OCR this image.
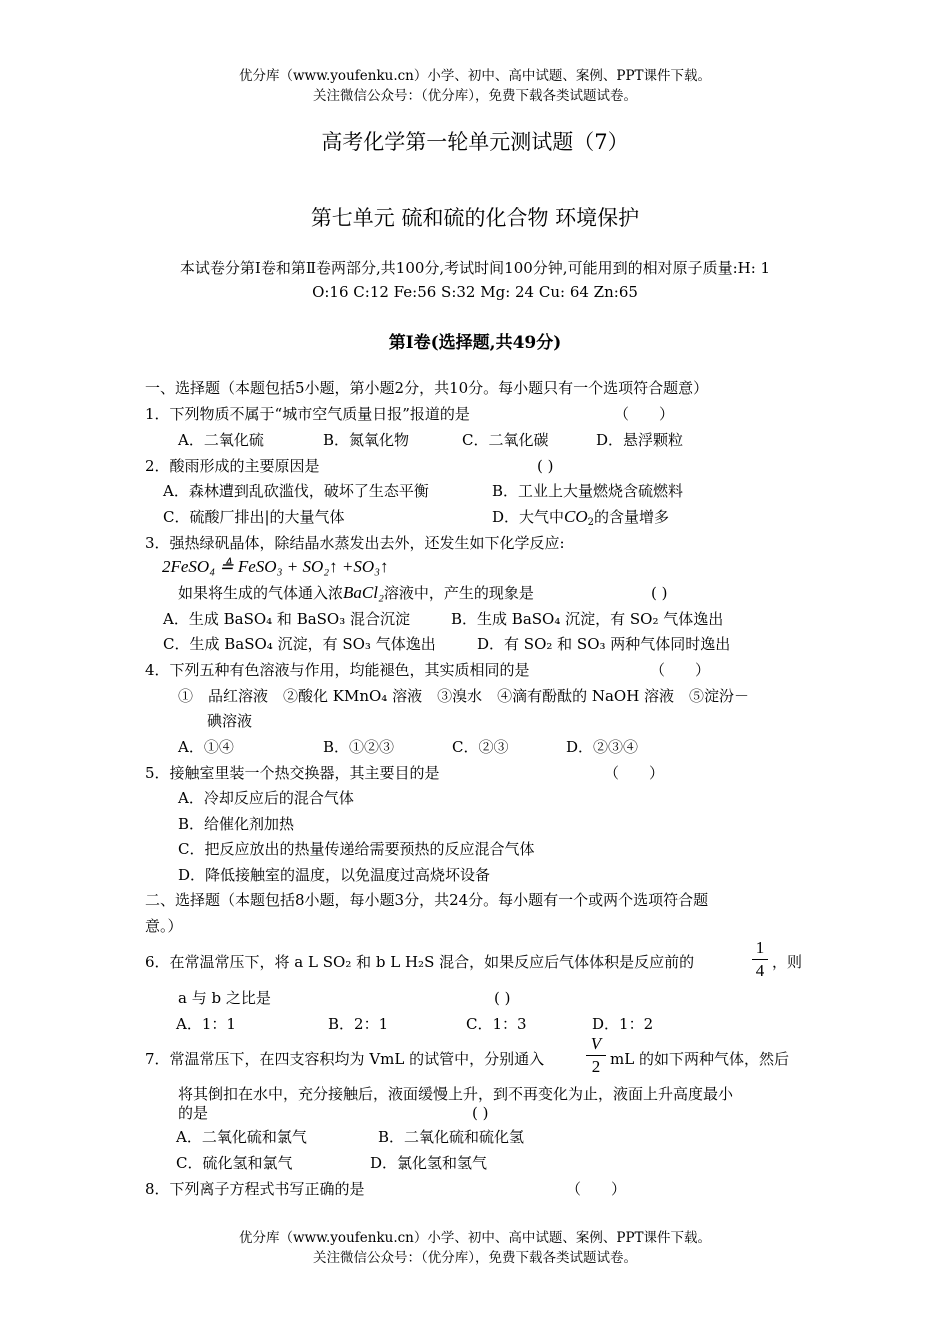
优分库（www.youfenku.cn）小学、初中、高中试题、案例、PPT课件下载。
关注微信公众号：（优分库），免费下载各类试题试卷。
高考化学第一轮单元测试题（7）
第七单元 硫和硫的化合物 环境保护
本试卷分第Ⅰ卷和第Ⅱ卷两部分,共100分,考试时间100分钟,可能用到的相对原子质量:H: 1
O:16 C:12 Fe:56 S:32 Mg: 24 Cu: 64 Zn:65
第Ⅰ卷(选择题,共49分)
一、选择题（本题包括5小题，第小题2分，共10分。每小题只有一个选项符合题意）
1．下列物质不属于“城市空气质量日报”报道的是	（　　）
A．二氧化硫	B．氮氧化物	C．二氧化碳	D．悬浮颗粒
2．酸雨形成的主要原因是	( )
A．森林遭到乱砍滥伐，破坏了生态平衡	B．工业上大量燃烧含硫燃料
C．硫酸厂排出|的大量气体	D．大气中$CO_2$的含量增多
3．强热绿矾晶体，除结晶水蒸发出去外，还发生如下化学反应:
2FeSO₄ ≜ FeSO₃ + SO₂↑ +SO₃↑
如果将生成的气体通入浓BaCl₂溶液中，产生的现象是	( )
A．生成 BaSO₄ 和 BaSO₃ 混合沉淀	B．生成 BaSO₄ 沉淀，有 SO₂ 气体逸出
C．生成 BaSO₄ 沉淀，有 SO₃ 气体逸出	D．有 SO₂ 和 SO₃ 两种气体同时逸出
4．下列五种有色溶液与作用，均能褪色，其实质相同的是	（　　）
①　品红溶液　②酸化 KMnO₄ 溶液　③溴水　④滴有酚酞的 NaOH 溶液　⑤淀汾－
碘溶液
A．①④	B．①②③	C．②③	D．②③④
5．接触室里装一个热交换器，其主要目的是	（　　）
A．冷却反应后的混合气体
B．给催化剂加热
C．把反应放出的热量传递给需要预热的反应混合气体
D．降低接触室的温度，以免温度过高烧坏设备
二、选择题（本题包括8小题，每小题3分，共24分。每小题有一个或两个选项符合题
意。）
6．在常温常压下，将 a L SO₂ 和 b L H₂S 混合，如果反应后气体体积是反应前的
1
4 ，则
a 与 b 之比是	( )
A．1：1	B．2：1	C．1：3	D．1：2
7．常温常压下，在四支容积均为 VmL 的试管中，分别通入
V
2 mL 的如下两种气体，然后
将其倒扣在水中，充分接触后，液面缓慢上升，到不再变化为止，液面上升高度最小
的是	( )
A．二氧化硫和氯气	B．二氧化硫和硫化氢
C．硫化氢和氯气	D．氯化氢和氢气
8．下列离子方程式书写正确的是	（　　）
优分库（www.youfenku.cn）小学、初中、高中试题、案例、PPT课件下载。
关注微信公众号：（优分库），免费下载各类试题试卷。
